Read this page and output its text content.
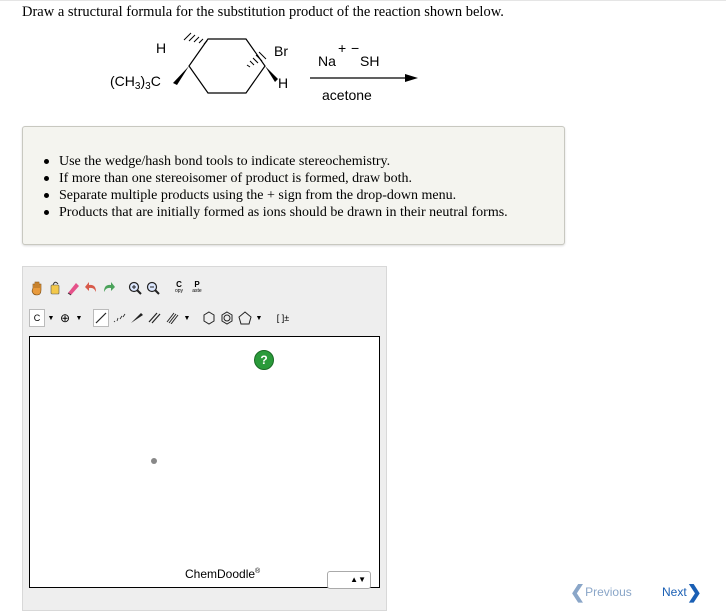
Draw a structural formula for the substitution product of the reaction shown below.
H	Br
H
$(CH_3)_3C$
Na
+ −
SH
acetone
Use the wedge/hash bond tools to indicate stereochemistry.
If more than one stereoisomer of product is formed, draw both.
Separate multiple products using the + sign from the drop-down menu.
Products that are initially formed as ions should be drawn in their neutral forms.
C
opy
P
aste
C ▼ ⊕ ▼	▼	▼ [ ]±
?
ChemDoodle®
▲▼
❮Previous	Next❯
